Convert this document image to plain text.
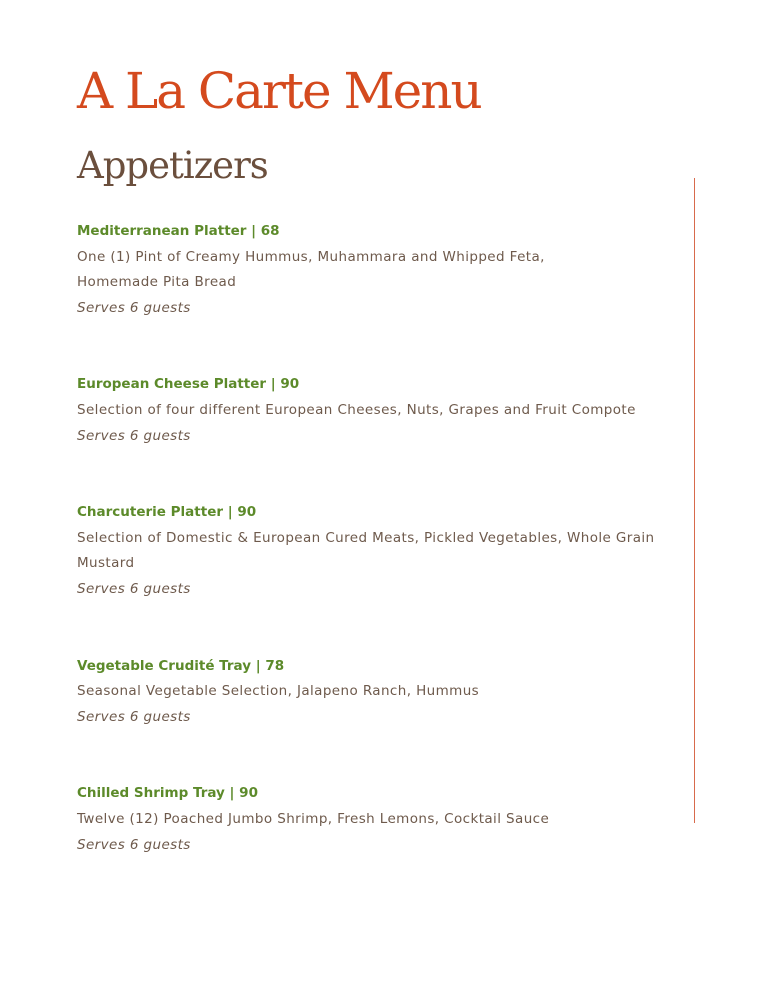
A La Carte Menu
Appetizers
Mediterranean Platter | 68
One (1) Pint of Creamy Hummus, Muhammara and Whipped Feta,
Homemade Pita Bread
Serves 6 guests
European Cheese Platter | 90
Selection of four different European Cheeses, Nuts, Grapes and Fruit Compote
Serves 6 guests
Charcuterie Platter | 90
Selection of Domestic & European Cured Meats, Pickled Vegetables, Whole Grain
Mustard
Serves 6 guests
Vegetable Crudité Tray | 78
Seasonal Vegetable Selection, Jalapeno Ranch, Hummus
Serves 6 guests
Chilled Shrimp Tray | 90
Twelve (12) Poached Jumbo Shrimp, Fresh Lemons, Cocktail Sauce
Serves 6 guests
